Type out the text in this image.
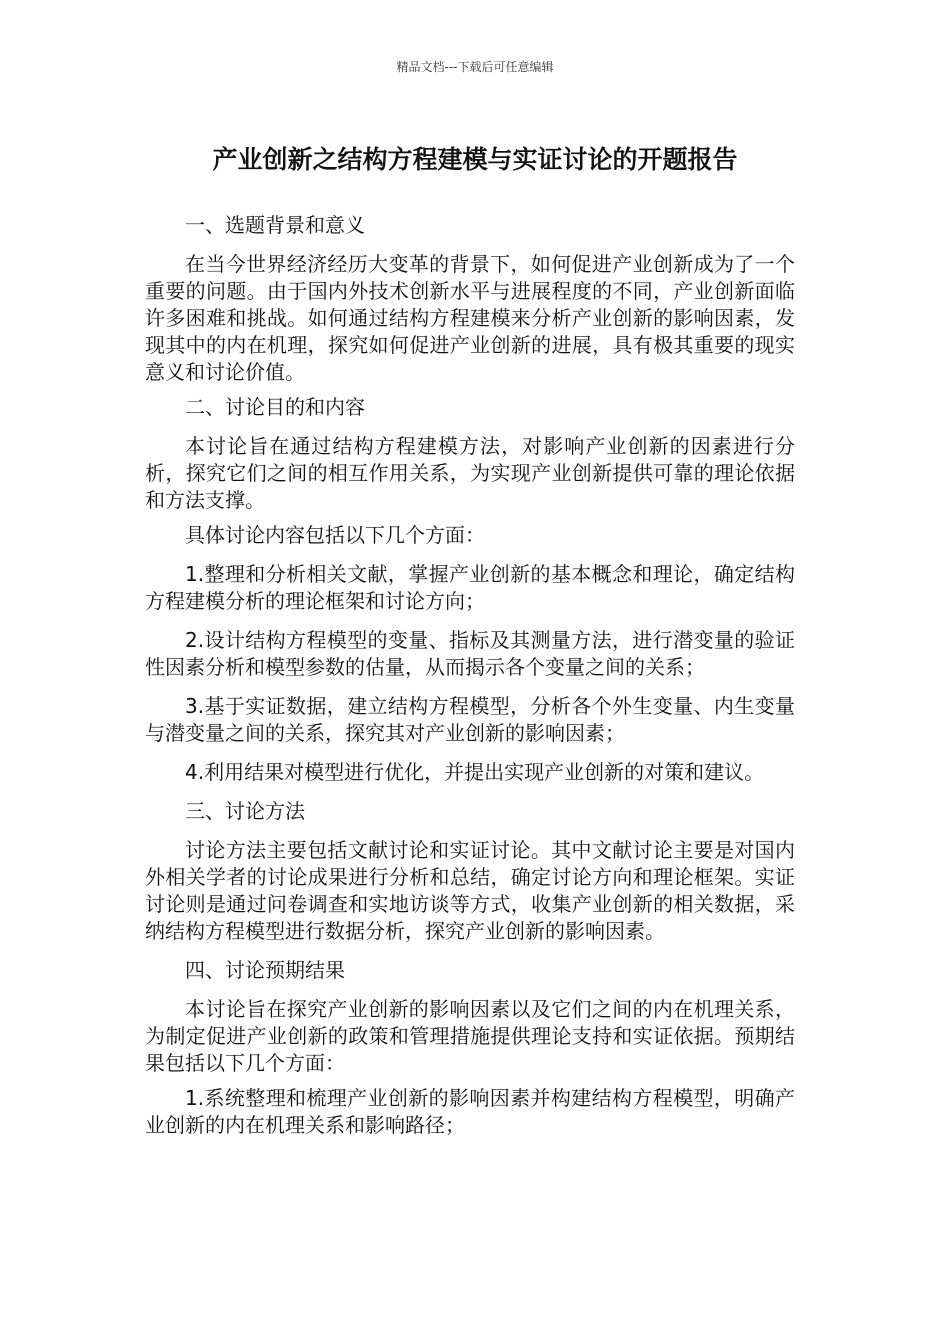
精品文档---下载后可任意编辑
产业创新之结构方程建模与实证讨论的开题报告

一、选题背景和意义

在当今世界经济经历大变革的背景下，如何促进产业创新成为了一个重要的问题。由于国内外技术创新水平与进展程度的不同，产业创新面临许多困难和挑战。如何通过结构方程建模来分析产业创新的影响因素，发现其中的内在机理，探究如何促进产业创新的进展，具有极其重要的现实意义和讨论价值。

二、讨论目的和内容

本讨论旨在通过结构方程建模方法，对影响产业创新的因素进行分析，探究它们之间的相互作用关系，为实现产业创新提供可靠的理论依据和方法支撑。

具体讨论内容包括以下几个方面：

1.整理和分析相关文献，掌握产业创新的基本概念和理论，确定结构方程建模分析的理论框架和讨论方向；

2.设计结构方程模型的变量、指标及其测量方法，进行潜变量的验证性因素分析和模型参数的估量，从而揭示各个变量之间的关系；

3.基于实证数据，建立结构方程模型，分析各个外生变量、内生变量与潜变量之间的关系，探究其对产业创新的影响因素；

4.利用结果对模型进行优化，并提出实现产业创新的对策和建议。

三、讨论方法

讨论方法主要包括文献讨论和实证讨论。其中文献讨论主要是对国内外相关学者的讨论成果进行分析和总结，确定讨论方向和理论框架。实证讨论则是通过问卷调查和实地访谈等方式，收集产业创新的相关数据，采纳结构方程模型进行数据分析，探究产业创新的影响因素。

四、讨论预期结果

本讨论旨在探究产业创新的影响因素以及它们之间的内在机理关系，为制定促进产业创新的政策和管理措施提供理论支持和实证依据。预期结果包括以下几个方面：

1.系统整理和梳理产业创新的影响因素并构建结构方程模型，明确产业创新的内在机理关系和影响路径；
